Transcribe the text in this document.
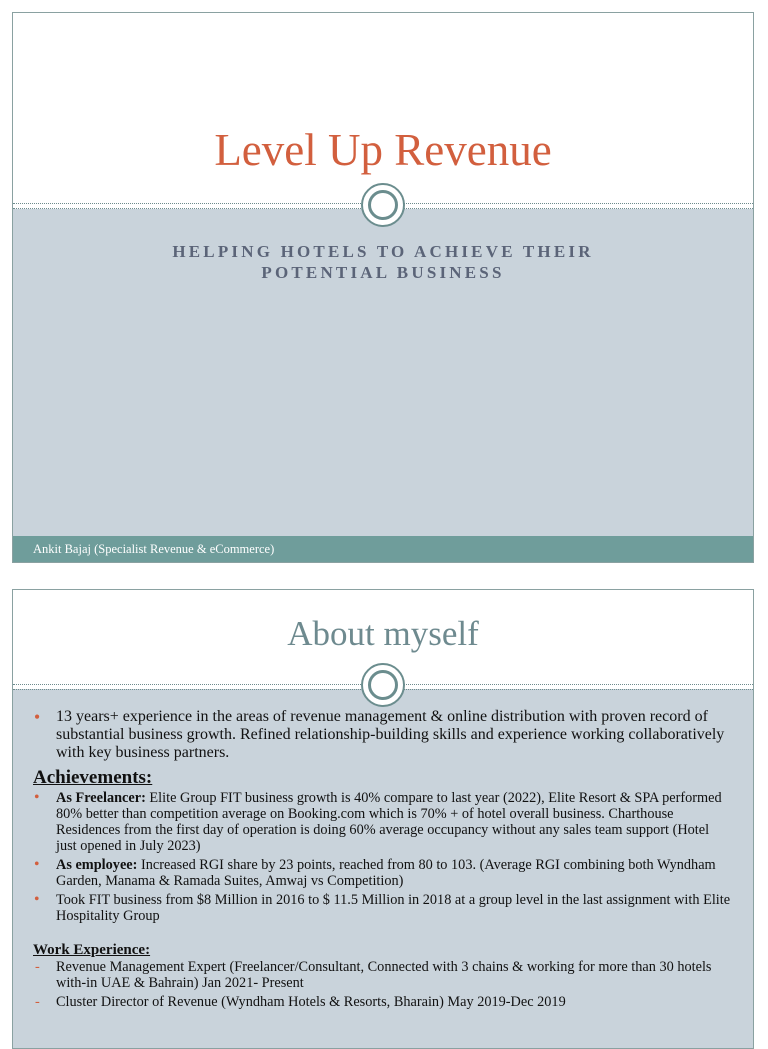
Level Up Revenue
HELPING HOTELS TO ACHIEVE THEIR
POTENTIAL BUSINESS
Ankit Bajaj (Specialist Revenue & eCommerce)
About myself
• 13 years+ experience in the areas of revenue management & online distribution with proven record of substantial business growth. Refined relationship-building skills and experience working collaboratively with key business partners.
Achievements:
• As Freelancer: Elite Group FIT business growth is 40% compare to last year (2022), Elite Resort & SPA performed 80% better than competition average on Booking.com which is 70% + of hotel overall business. Charthouse Residences from the first day of operation is doing 60% average occupancy without any sales team support (Hotel just opened in July 2023)
• As employee: Increased RGI share by 23 points, reached from 80 to 103. (Average RGI combining both Wyndham Garden, Manama & Ramada Suites, Amwaj vs Competition)
• Took FIT business from $8 Million in 2016 to $ 11.5 Million in 2018 at a group level in the last assignment with Elite Hospitality Group
Work Experience:
- Revenue Management Expert (Freelancer/Consultant, Connected with 3 chains & working for more than 30 hotels with-in UAE & Bahrain) Jan 2021- Present
- Cluster Director of Revenue (Wyndham Hotels & Resorts, Bharain) May 2019-Dec 2019
